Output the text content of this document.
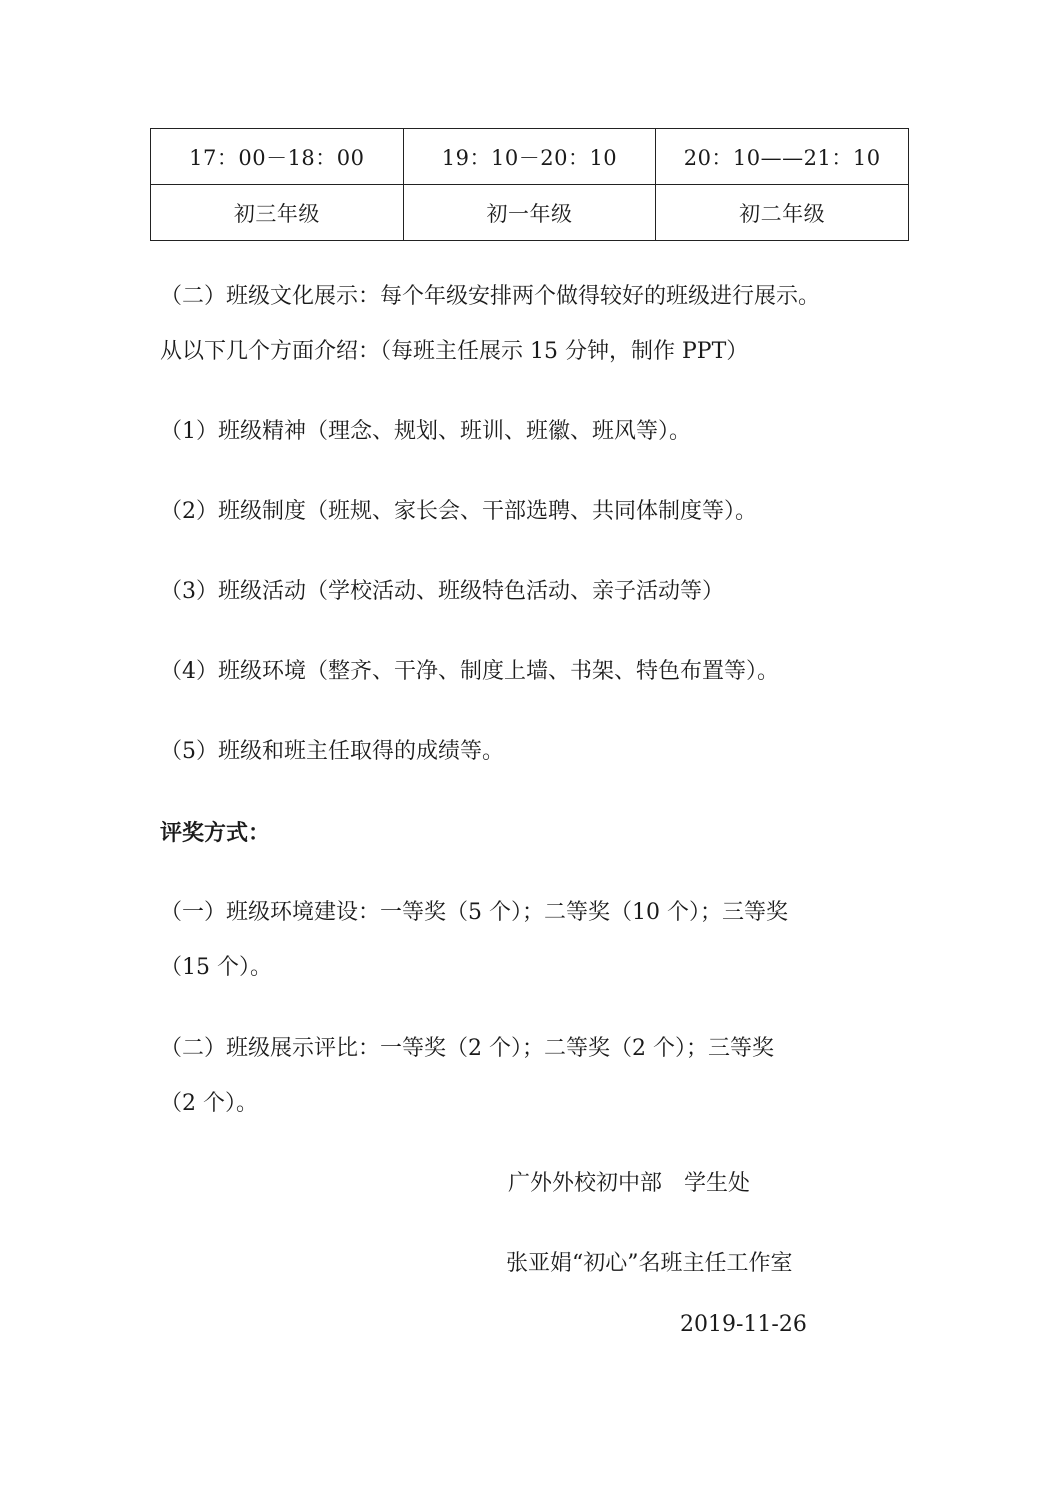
17：00－18：00	19：10－20：10	20：10——21：10
初三年级	初一年级	初二年级
（二）班级文化展示：每个年级安排两个做得较好的班级进行展示。
从以下几个方面介绍：（每班主任展示 15 分钟，制作 PPT）
（1）班级精神（理念、规划、班训、班徽、班风等）。
（2）班级制度（班规、家长会、干部选聘、共同体制度等）。
（3）班级活动（学校活动、班级特色活动、亲子活动等）
（4）班级环境（整齐、干净、制度上墙、书架、特色布置等）。
（5）班级和班主任取得的成绩等。
评奖方式：
（一）班级环境建设：一等奖（5 个）；二等奖（10 个）；三等奖
（15 个）。
（二）班级展示评比：一等奖（2 个）；二等奖（2 个）；三等奖
（2 个）。
广外外校初中部　学生处
张亚娟“初心”名班主任工作室
2019-11-26
